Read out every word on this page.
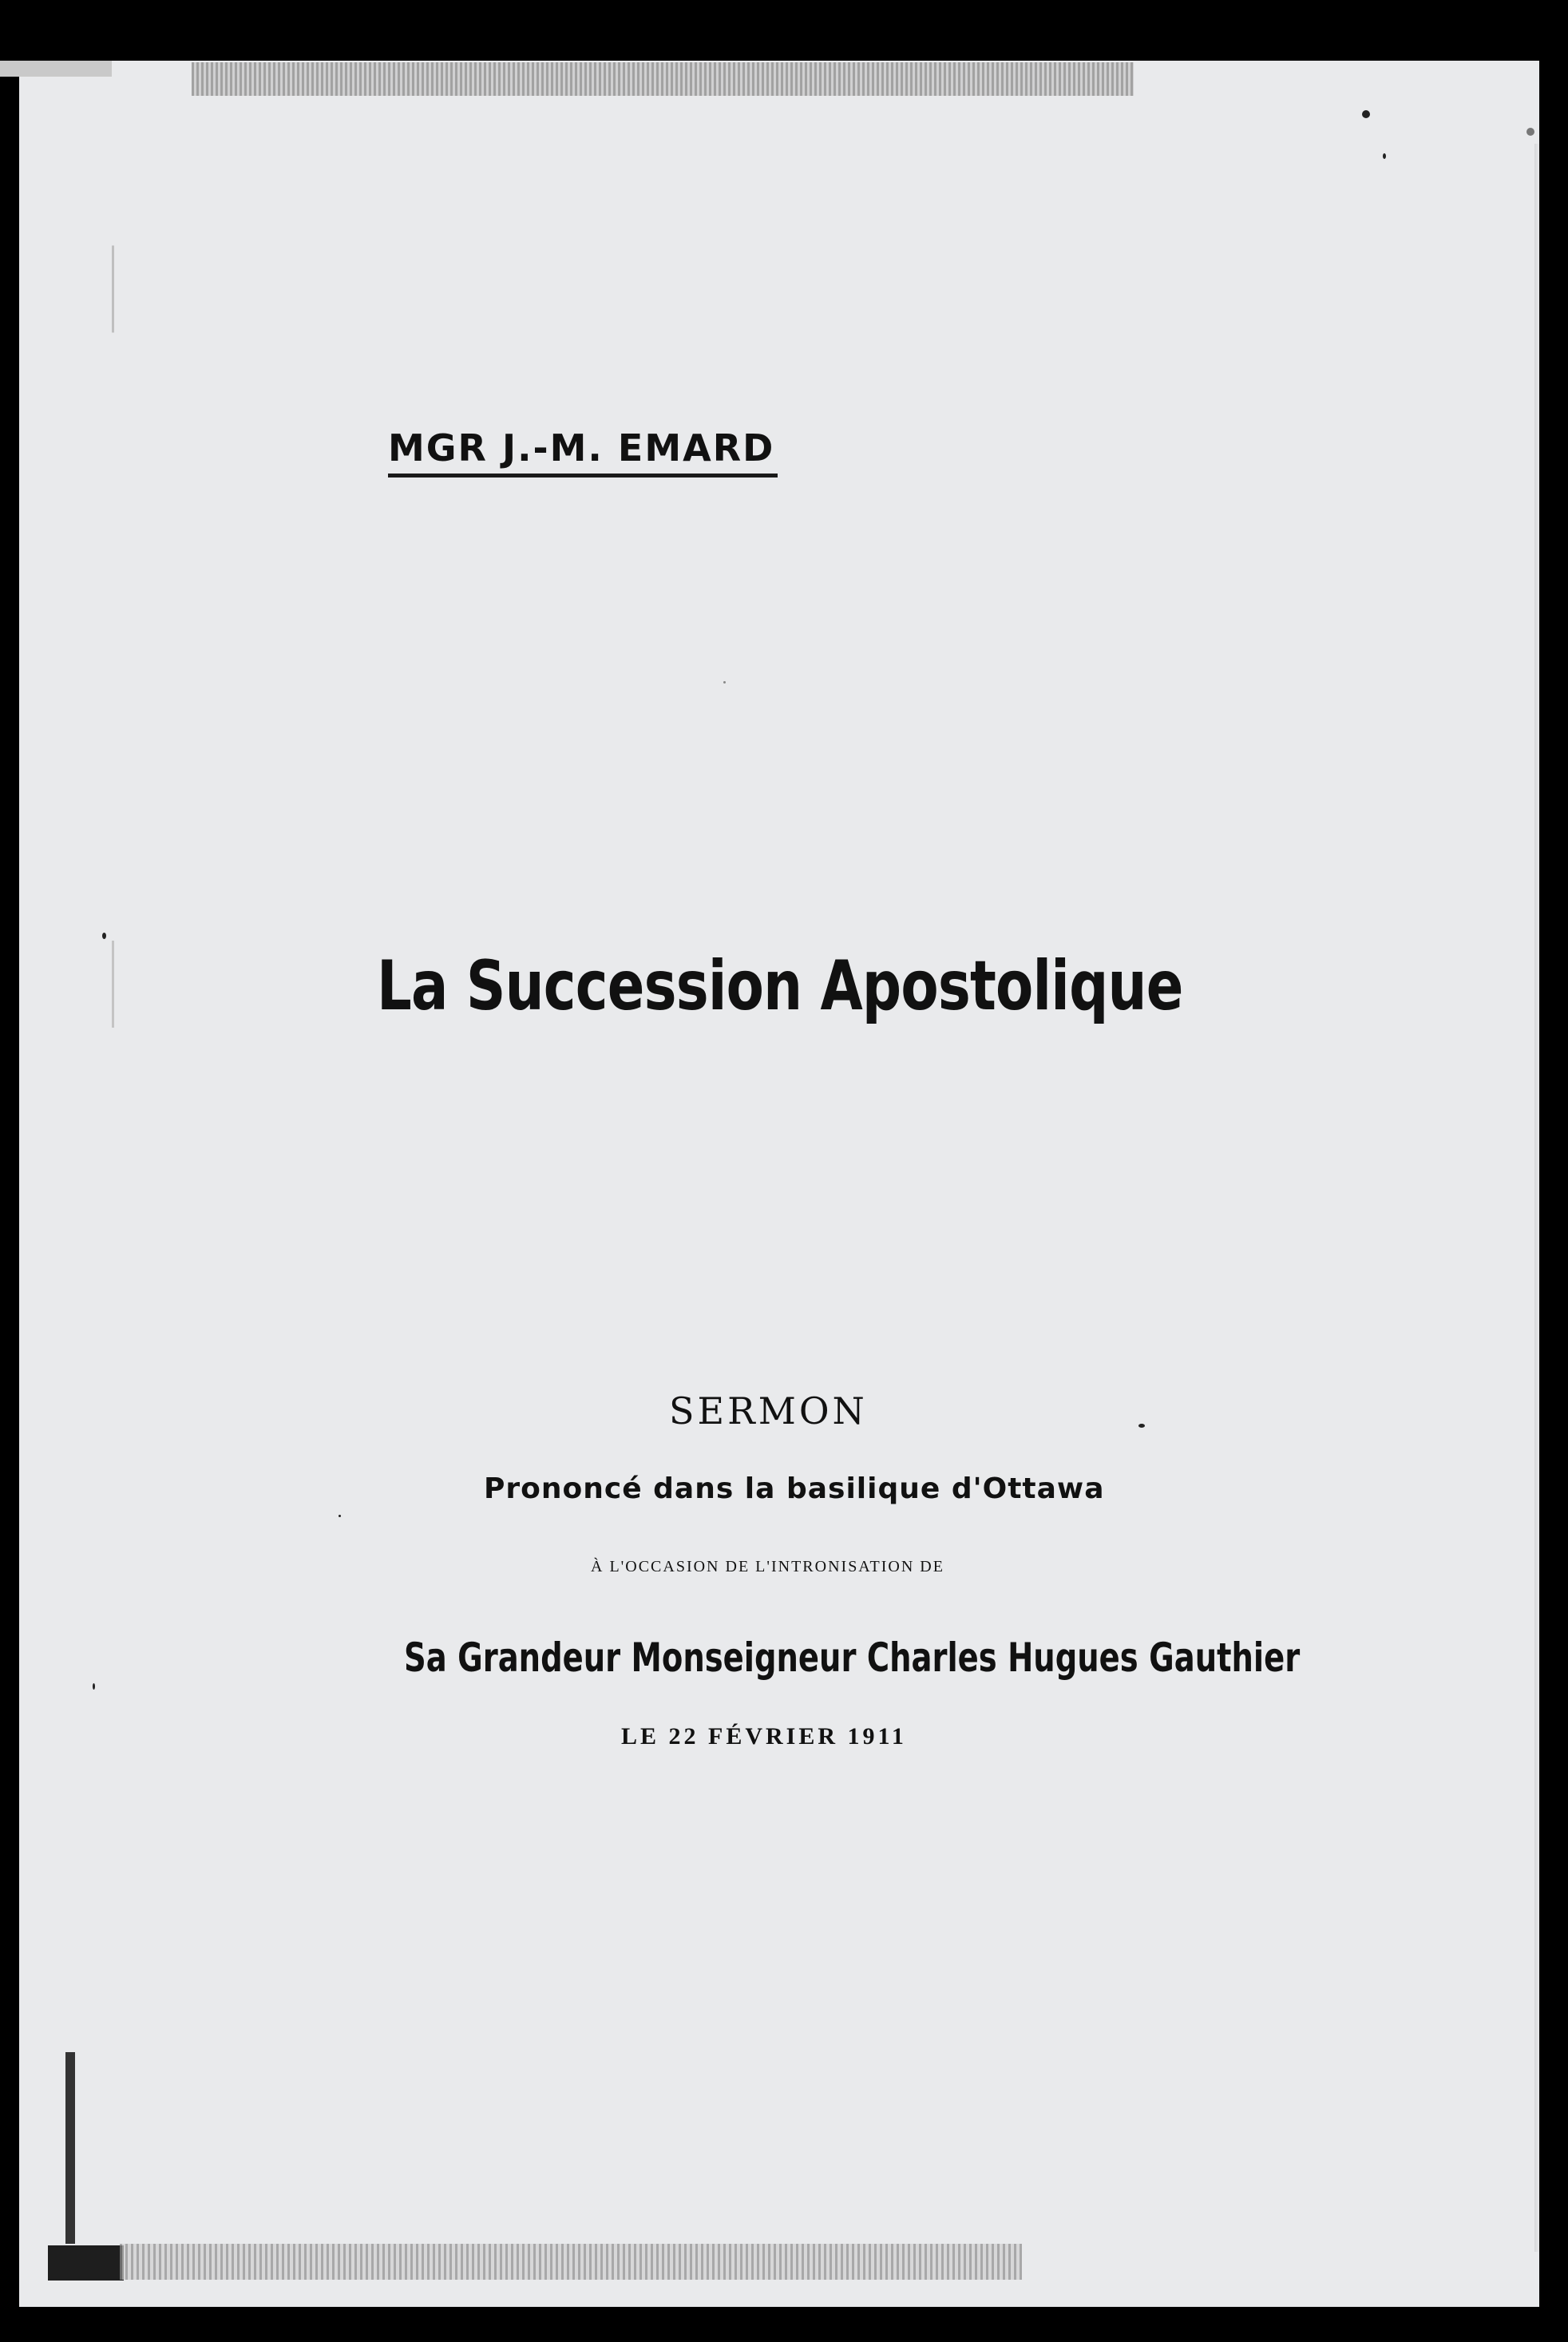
MGR J.-M. EMARD

La Succession Apostolique

SERMON

Prononcé dans la basilique d'Ottawa

À L'OCCASION DE L'INTRONISATION DE

Sa Grandeur Monseigneur Charles Hugues Gauthier

LE 22 FÉVRIER 1911
